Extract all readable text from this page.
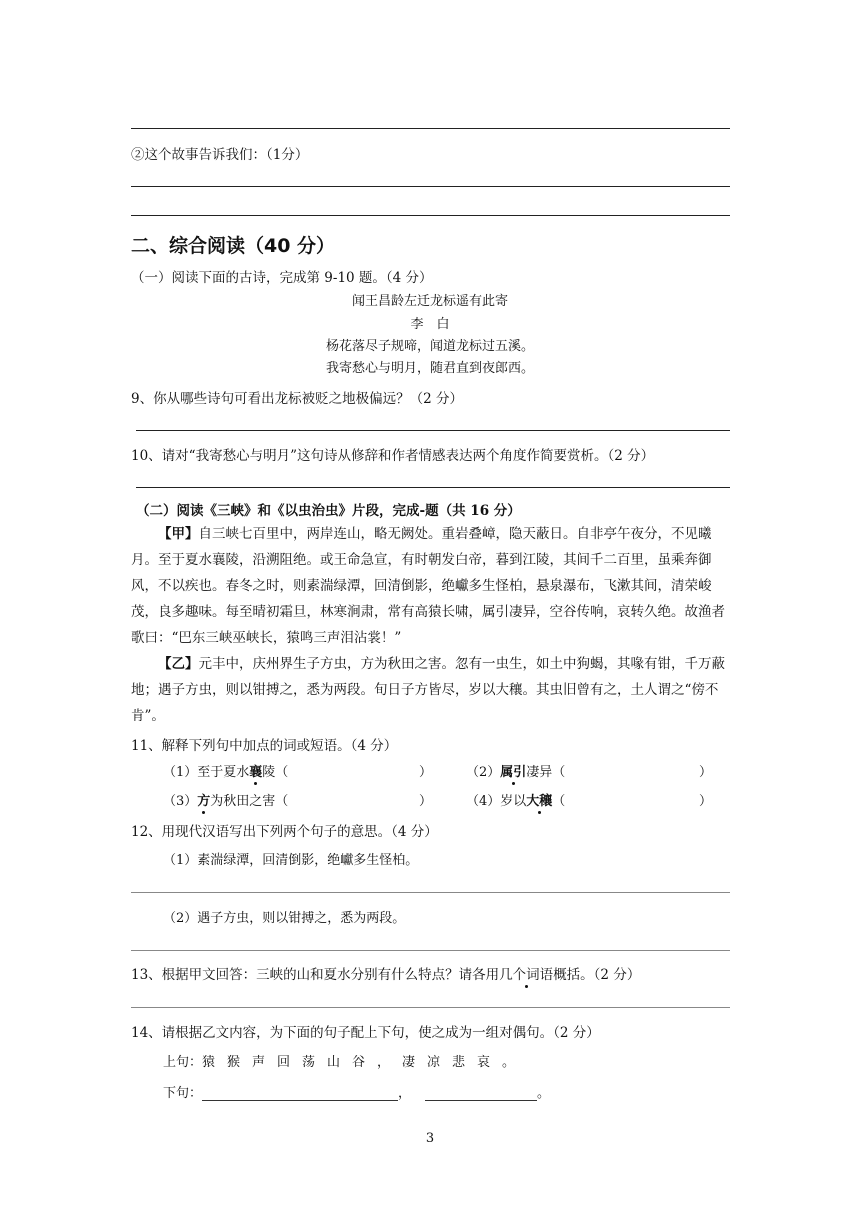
②这个故事告诉我们：（1分）
二、综合阅读（40 分）
（一）阅读下面的古诗，完成第 9-10 题。（4 分）
闻王昌龄左迁龙标遥有此寄
李　白
杨花落尽子规啼，闻道龙标过五溪。
我寄愁心与明月，随君直到夜郎西。
9、你从哪些诗句可看出龙标被贬之地极偏远？（2 分）
10、请对“我寄愁心与明月”这句诗从修辞和作者情感表达两个角度作简要赏析。（2 分）
（二）阅读《三峡》和《以虫治虫》片段，完成-题（共 16 分）
【甲】自三峡七百里中，两岸连山，略无阙处。重岩叠嶂，隐天蔽日。自非亭午夜分，不见曦月。至于夏水襄陵，沿溯阻绝。或王命急宣，有时朝发白帝，暮到江陵，其间千二百里，虽乘奔御风，不以疾也。春冬之时，则素湍绿潭，回清倒影，绝巘多生怪柏，悬泉瀑布，飞漱其间，清荣峻茂，良多趣味。每至晴初霜旦，林寒涧肃，常有高猿长啸，属引凄异，空谷传响，哀转久绝。故渔者歌曰：“巴东三峡巫峡长，猿鸣三声泪沾裳！”
【乙】元丰中，庆州界生子方虫，方为秋田之害。忽有一虫生，如土中狗蝎，其喙有钳，千万蔽地；遇子方虫，则以钳搏之，悉为两段。旬日子方皆尽，岁以大穰。其虫旧曾有之，土人谓之“傍不肯”。
11、解释下列句中加点的词或短语。（4 分）
（1）至于夏水襄陵（	）	（2）属引凄异（	）
（3）方为秋田之害（	）	（4）岁以大穰（	）
12、用现代汉语写出下列两个句子的意思。（4 分）
（1）素湍绿潭，回清倒影，绝巘多生怪柏。
（2）遇子方虫，则以钳搏之，悉为两段。
13、根据甲文回答：三峡的山和夏水分别有什么特点？请各用几个词语概括。（2 分）
14、请根据乙文内容，为下面的句子配上下句，使之成为一组对偶句。（2 分）
上句：猿猴声回荡山谷，凄凉悲哀。
下句：	，	。
3
